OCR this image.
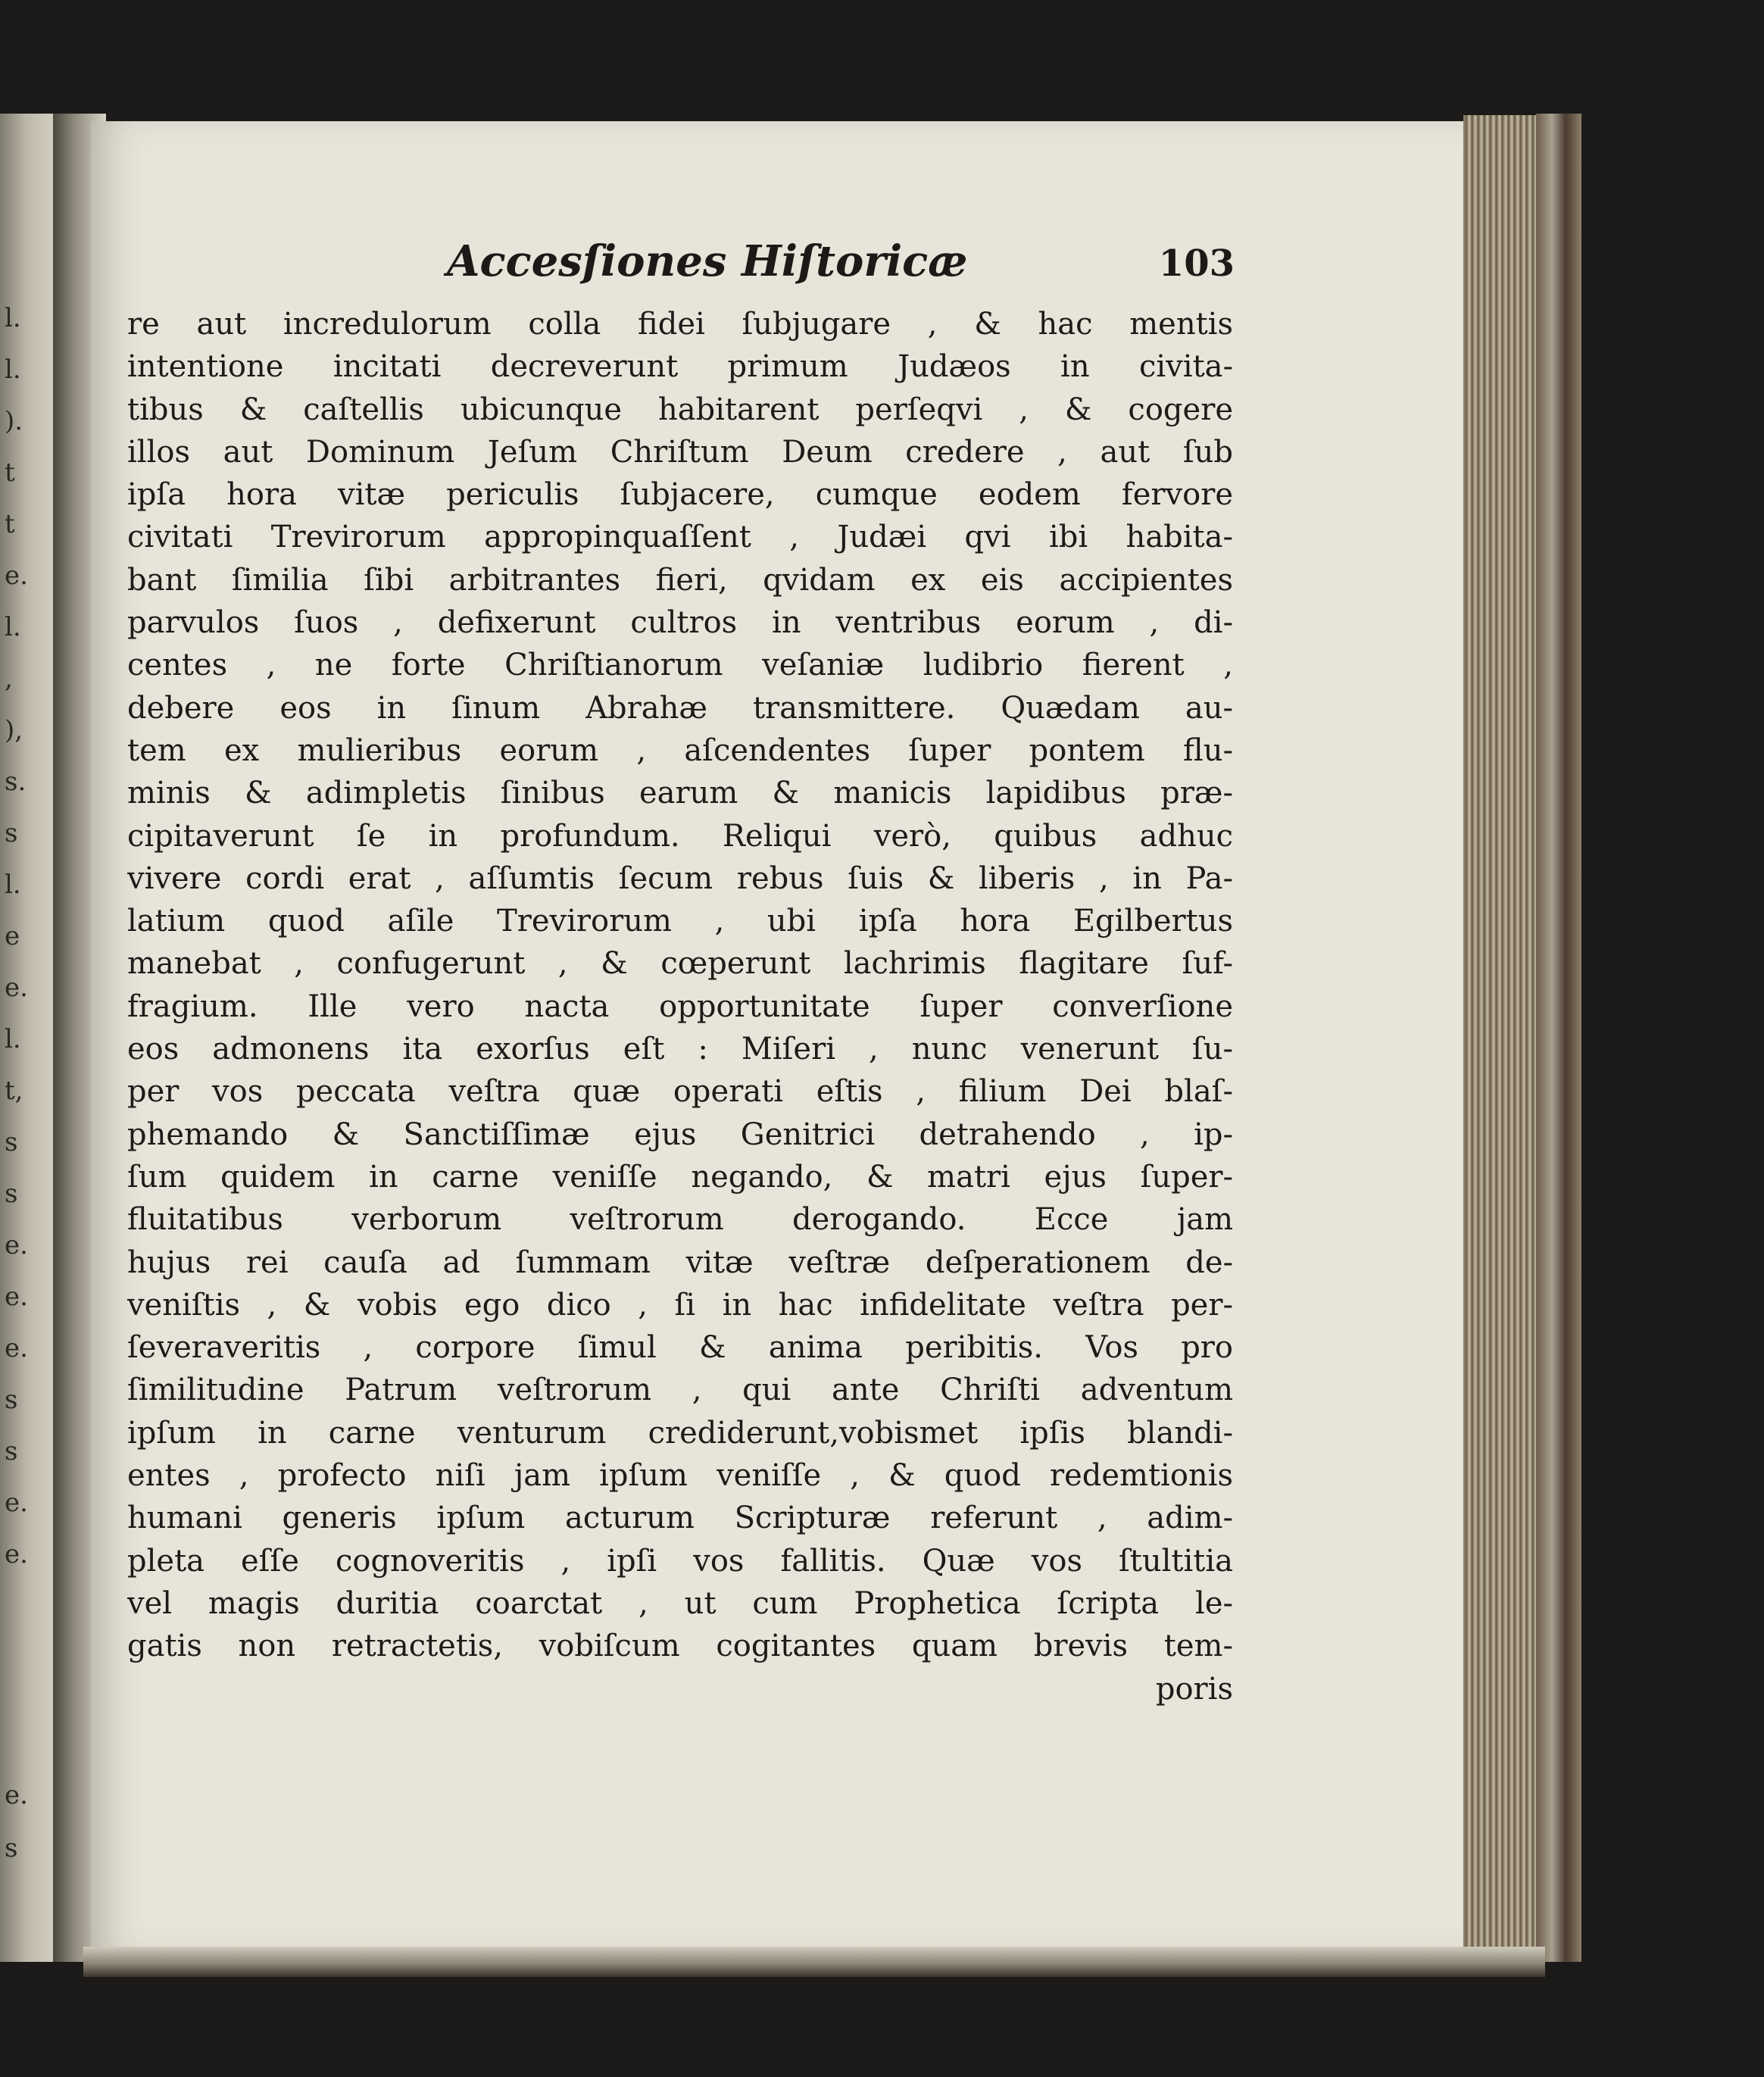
l.
l.
).
t
t
e.
l.
,
),
s.
s
l.
e
e.
l.
t,
s
s
e.
e.
e.
s
s
e.
e.
e.
s
Accesſiones Hiſtoricæ	103
re aut incredulorum colla fidei ſubjugare , & hac mentis
intentione incitati decreverunt primum Judæos in civita-
tibus & caſtellis ubicunque habitarent perſeqvi , & cogere
illos aut Dominum Jeſum Chriſtum Deum credere , aut ſub
ipſa hora vitæ periculis ſubjacere, cumque eodem fervore
civitati Trevirorum appropinquaſſent , Judæi qvi ibi habita-
bant ſimilia ſibi arbitrantes fieri, qvidam ex eis accipientes
parvulos ſuos , defixerunt cultros in ventribus eorum , di-
centes , ne forte Chriſtianorum veſaniæ ludibrio fierent ,
debere eos in ſinum Abrahæ transmittere. Quædam au-
tem ex mulieribus eorum , aſcendentes ſuper pontem flu-
minis & adimpletis ſinibus earum & manicis lapidibus præ-
cipitaverunt ſe in profundum. Reliqui verò, quibus adhuc
vivere cordi erat , aſſumtis ſecum rebus ſuis & liberis , in Pa-
latium quod aſile Trevirorum , ubi ipſa hora Egilbertus
manebat , confugerunt , & cœperunt lachrimis flagitare ſuf-
fragium. Ille vero nacta opportunitate ſuper converſione
eos admonens ita exorſus eſt : Miſeri , nunc venerunt ſu-
per vos peccata veſtra quæ operati eſtis , filium Dei blaſ-
phemando & Sanctiſſimæ ejus Genitrici detrahendo , ip-
ſum quidem in carne veniſſe negando, & matri ejus ſuper-
fluitatibus verborum veſtrorum derogando. Ecce jam
hujus rei cauſa ad ſummam vitæ veſtræ deſperationem de-
veniſtis , & vobis ego dico , ſi in hac infidelitate veſtra per-
ſeveraveritis , corpore ſimul & anima peribitis. Vos pro
ſimilitudine Patrum veſtrorum , qui ante Chriſti adventum
ipſum in carne venturum crediderunt,vobismet ipſis blandi-
entes , profecto niſi jam ipſum veniſſe , & quod redemtionis
humani generis ipſum acturum Scripturæ referunt , adim-
pleta eſſe cognoveritis , ipſi vos fallitis. Quæ vos ſtultitia
vel magis duritia coarctat , ut cum Prophetica ſcripta le-
gatis non retractetis, vobiſcum cogitantes quam brevis tem-
poris
